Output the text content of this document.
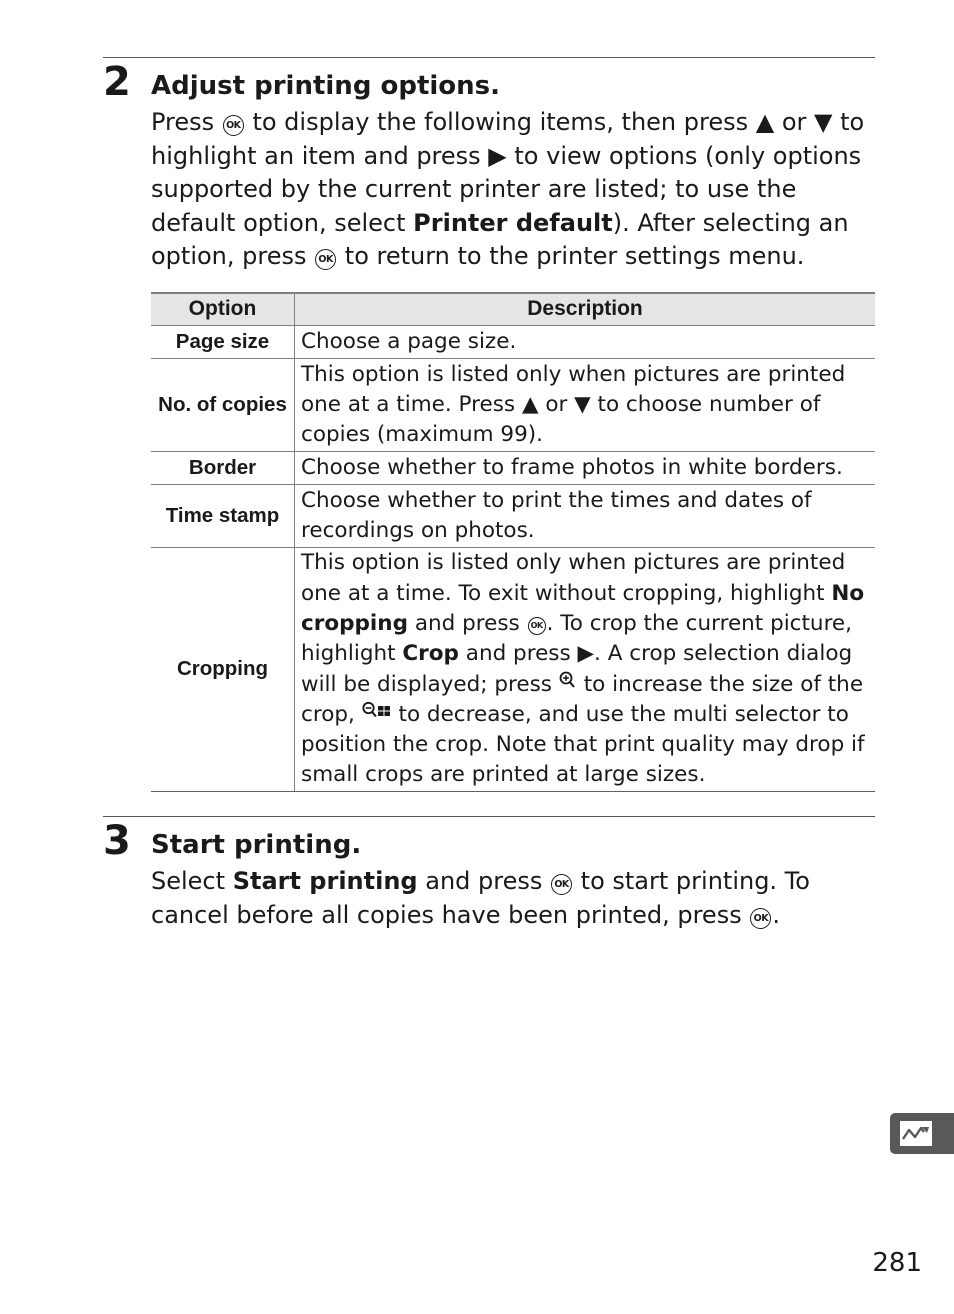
2 Adjust printing options.
Press OK to display the following items, then press ▲ or ▼ to highlight an item and press ▶ to view options (only options supported by the current printer are listed; to use the default option, select Printer default). After selecting an option, press OK to return to the printer settings menu.
Option	Description
Page size	Choose a page size.
No. of copies	This option is listed only when pictures are printed one at a time. Press ▲ or ▼ to choose number of copies (maximum 99).
Border	Choose whether to frame photos in white borders.
Time stamp	Choose whether to print the times and dates of recordings on photos.
Cropping	This option is listed only when pictures are printed one at a time. To exit without cropping, highlight No cropping and press OK . To crop the current picture, highlight Crop and press ▶. A crop selection dialog will be displayed; press to increase the size of the crop, to decrease, and use the multi selector to position the crop. Note that print quality may drop if small crops are printed at large sizes.
3 Start printing.
Select Start printing and press OK to start printing. To cancel before all copies have been printed, press OK .
281
